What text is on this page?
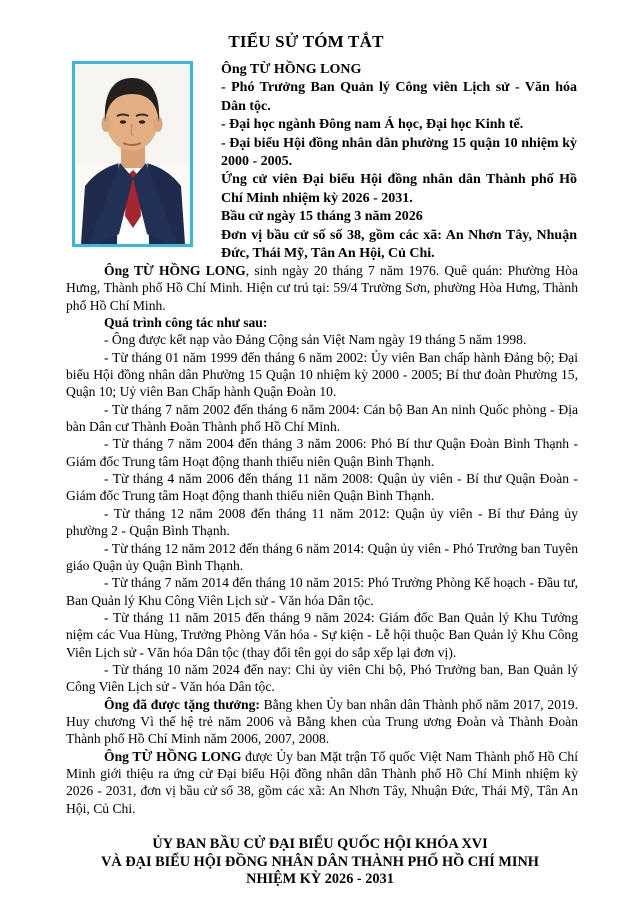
TIỂU SỬ TÓM TẮT

Ông TỪ HỒNG LONG

- Phó Trưởng Ban Quản lý Công viên Lịch sử - Văn hóa Dân tộc.

- Đại học ngành Đông nam Á học, Đại học Kinh tế.

- Đại biểu Hội đồng nhân dân phường 15 quận 10 nhiệm kỳ 2000 - 2005.

Ứng cử viên Đại biểu Hội đồng nhân dân Thành phố Hồ Chí Minh nhiệm kỳ 2026 - 2031.

Bầu cử ngày 15 tháng 3 năm 2026

Đơn vị bầu cử số số 38, gồm các xã: An Nhơn Tây, Nhuận Đức, Thái Mỹ, Tân An Hội, Củ Chi.

Ông TỪ HỒNG LONG, sinh ngày 20 tháng 7 năm 1976. Quê quán: Phường Hòa Hưng, Thành phố Hồ Chí Minh. Hiện cư trú tại: 59/4 Trường Sơn, phường Hòa Hưng, Thành phố Hồ Chí Minh.

Quá trình công tác như sau:

- Ông được kết nạp vào Đảng Cộng sản Việt Nam ngày 19 tháng 5 năm 1998.

- Từ tháng 01 năm 1999 đến tháng 6 năm 2002: Ủy viên Ban chấp hành Đảng bộ; Đại biểu Hội đồng nhân dân Phường 15 Quận 10 nhiệm kỳ 2000 - 2005; Bí thư đoàn Phường 15, Quận 10; Uỷ viên Ban Chấp hành Quận Đoàn 10.

- Từ tháng 7 năm 2002 đến tháng 6 năm 2004: Cán bộ Ban An ninh Quốc phòng - Địa bàn Dân cư Thành Đoàn Thành phố Hồ Chí Minh.

- Từ tháng 7 năm 2004 đến tháng 3 năm 2006: Phó Bí thư Quận Đoàn Bình Thạnh - Giám đốc Trung tâm Hoạt động thanh thiếu niên Quận Bình Thạnh.

- Từ tháng 4 năm 2006 đến tháng 11 năm 2008: Quận ủy viên - Bí thư Quận Đoàn - Giám đốc Trung tâm Hoạt động thanh thiếu niên Quận Bình Thạnh.

- Từ tháng 12 năm 2008 đến tháng 11 năm 2012: Quận ủy viên - Bí thư Đảng ủy phường 2 - Quận Bình Thạnh.

- Từ tháng 12 năm 2012 đến tháng 6 năm 2014: Quận ủy viên - Phó Trưởng ban Tuyên giáo Quận ủy Quận Bình Thạnh.

- Từ tháng 7 năm 2014 đến tháng 10 năm 2015: Phó Trưởng Phòng Kế hoạch - Đầu tư, Ban Quản lý Khu Công Viên Lịch sử - Văn hóa Dân tộc.

- Từ tháng 11 năm 2015 đến tháng 9 năm 2024: Giám đốc Ban Quản lý Khu Tưởng niệm các Vua Hùng, Trưởng Phòng Văn hóa - Sự kiện - Lễ hội thuộc Ban Quản lý Khu Công Viên Lịch sử - Văn hóa Dân tộc (thay đổi tên gọi do sắp xếp lại đơn vị).

- Từ tháng 10 năm 2024 đến nay: Chi ủy viên Chi bộ, Phó Trưởng ban, Ban Quản lý Công Viên Lịch sử - Văn hóa Dân tộc.

Ông đã được tặng thưởng: Bằng khen Ủy ban nhân dân Thành phố năm 2017, 2019. Huy chương Vì thế hệ trẻ năm 2006 và Bằng khen của Trung ương Đoàn và Thành Đoàn Thành phố Hồ Chí Minh năm 2006, 2007, 2008.

Ông TỪ HỒNG LONG được Ủy ban Mặt trận Tổ quốc Việt Nam Thành phố Hồ Chí Minh giới thiệu ra ứng cử Đại biểu Hội đồng nhân dân Thành phố Hồ Chí Minh nhiệm kỳ 2026 - 2031, đơn vị bầu cử số 38, gồm các xã: An Nhơn Tây, Nhuận Đức, Thái Mỹ, Tân An Hội, Củ Chi.

ỦY BAN BẦU CỬ ĐẠI BIỂU QUỐC HỘI KHÓA XVI
VÀ ĐẠI BIỂU HỘI ĐỒNG NHÂN DÂN THÀNH PHỐ HỒ CHÍ MINH
NHIỆM KỲ 2026 - 2031
